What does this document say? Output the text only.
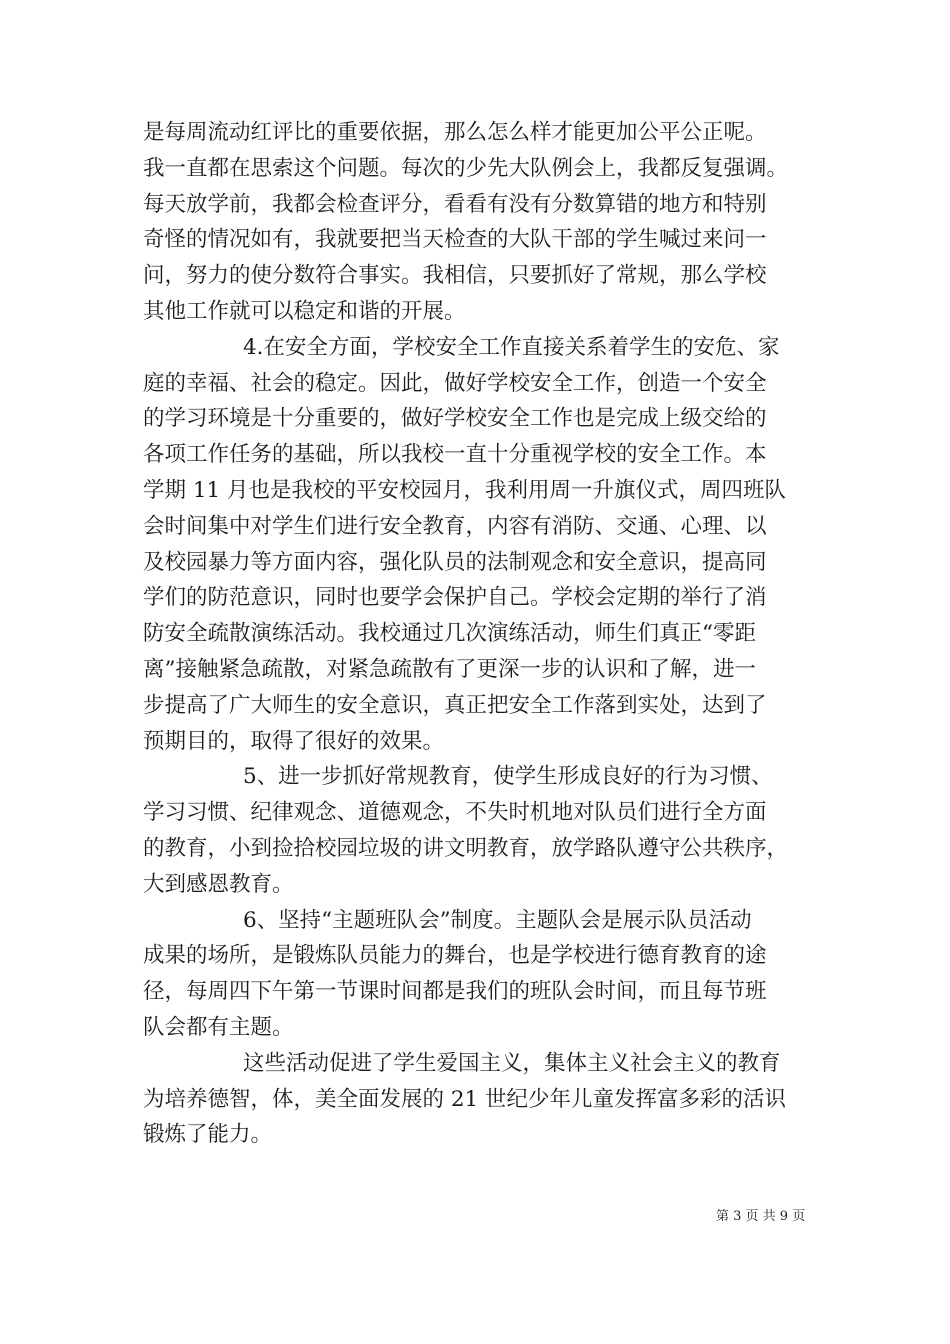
是每周流动红评比的重要依据，那么怎么样才能更加公平公正呢。
我一直都在思索这个问题。每次的少先大队例会上，我都反复强调。
每天放学前，我都会检查评分，看看有没有分数算错的地方和特别
奇怪的情况如有，我就要把当天检查的大队干部的学生喊过来问一
问，努力的使分数符合事实。我相信，只要抓好了常规，那么学校
其他工作就可以稳定和谐的开展。
4.在安全方面，学校安全工作直接关系着学生的安危、家
庭的幸福、社会的稳定。因此，做好学校安全工作，创造一个安全
的学习环境是十分重要的，做好学校安全工作也是完成上级交给的
各项工作任务的基础，所以我校一直十分重视学校的安全工作。本
学期 11 月也是我校的平安校园月，我利用周一升旗仪式，周四班队
会时间集中对学生们进行安全教育，内容有消防、交通、心理、以
及校园暴力等方面内容，强化队员的法制观念和安全意识，提高同
学们的防范意识，同时也要学会保护自己。学校会定期的举行了消
防安全疏散演练活动。我校通过几次演练活动，师生们真正“零距
离”接触紧急疏散，对紧急疏散有了更深一步的认识和了解，进一
步提高了广大师生的安全意识，真正把安全工作落到实处，达到了
预期目的，取得了很好的效果。
5、进一步抓好常规教育，使学生形成良好的行为习惯、
学习习惯、纪律观念、道德观念，不失时机地对队员们进行全方面
的教育，小到捡拾校园垃圾的讲文明教育，放学路队遵守公共秩序，
大到感恩教育。
6、坚持“主题班队会”制度。主题队会是展示队员活动
成果的场所，是锻炼队员能力的舞台，也是学校进行德育教育的途
径，每周四下午第一节课时间都是我们的班队会时间，而且每节班
队会都有主题。
这些活动促进了学生爱国主义，集体主义社会主义的教育
为培养德智，体，美全面发展的 21 世纪少年儿童发挥富多彩的活识
锻炼了能力。
第 3 页 共 9 页
